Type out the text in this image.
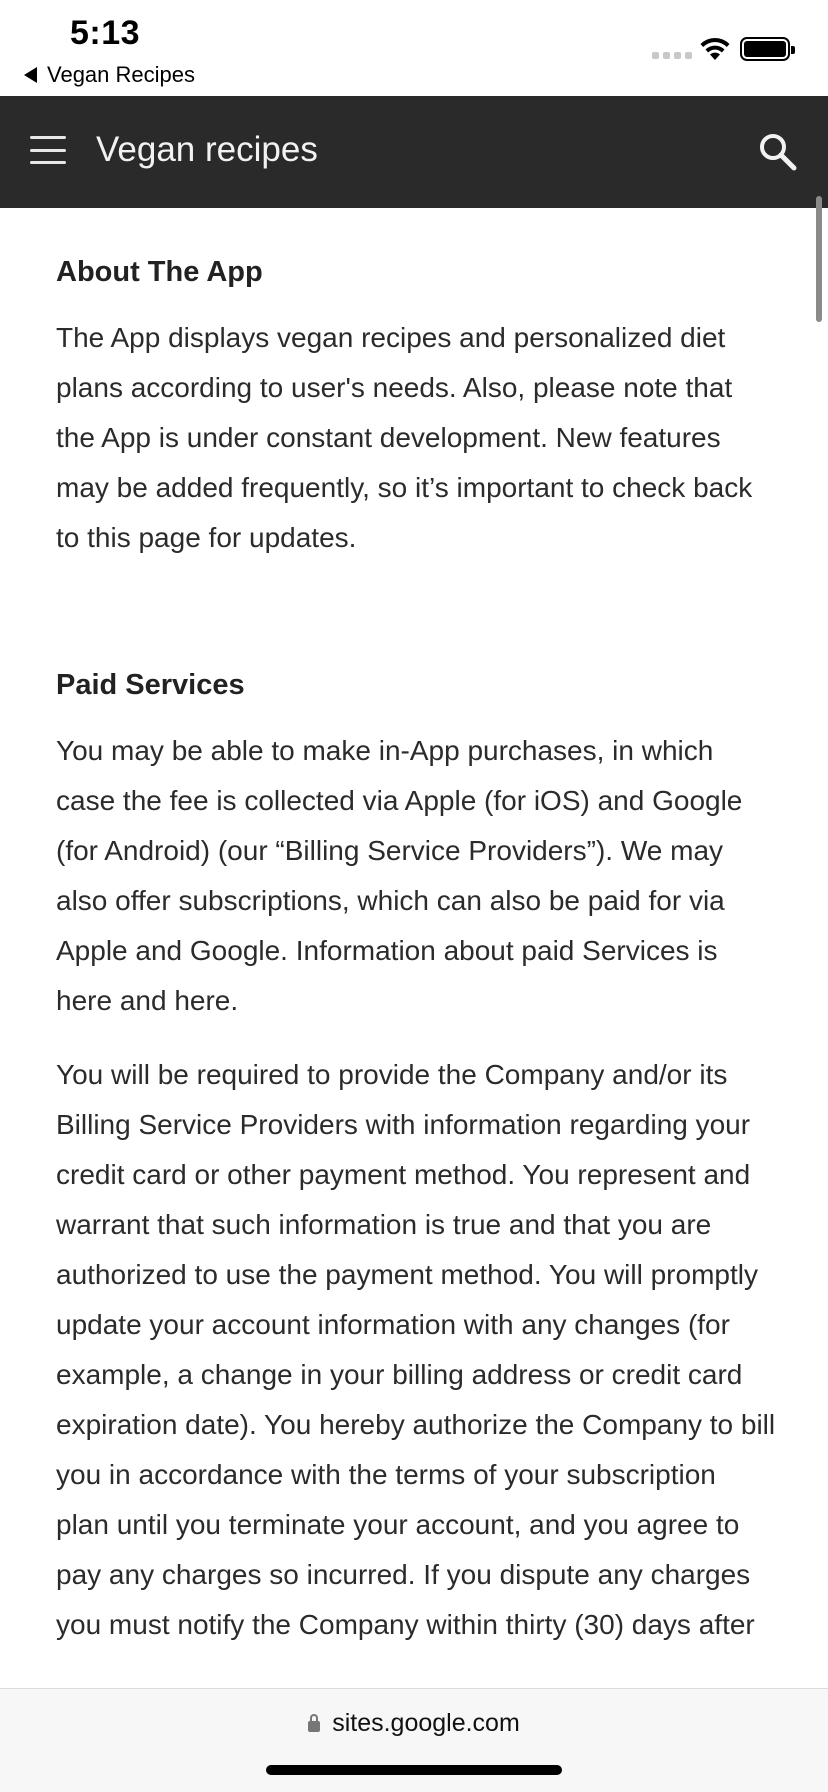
5:13
Vegan Recipes
Vegan recipes
About The App

The App displays vegan recipes and personalized diet plans according to user's needs. Also, please note that the App is under constant development. New features may be added frequently, so it’s important to check back to this page for updates.

Paid Services

You may be able to make in-App purchases, in which case the fee is collected via Apple (for iOS) and Google (for Android) (our “Billing Service Providers”). We may also offer subscriptions, which can also be paid for via Apple and Google. Information about paid Services is here and here.

You will be required to provide the Company and/or its Billing Service Providers with information regarding your credit card or other payment method. You represent and warrant that such information is true and that you are authorized to use the payment method. You will promptly update your account information with any changes (for example, a change in your billing address or credit card expiration date). You hereby authorize the Company to bill you in accordance with the terms of your subscription plan until you terminate your account, and you agree to pay any charges so incurred. If you dispute any charges you must notify the Company within thirty (30) days after

sites.google.com
